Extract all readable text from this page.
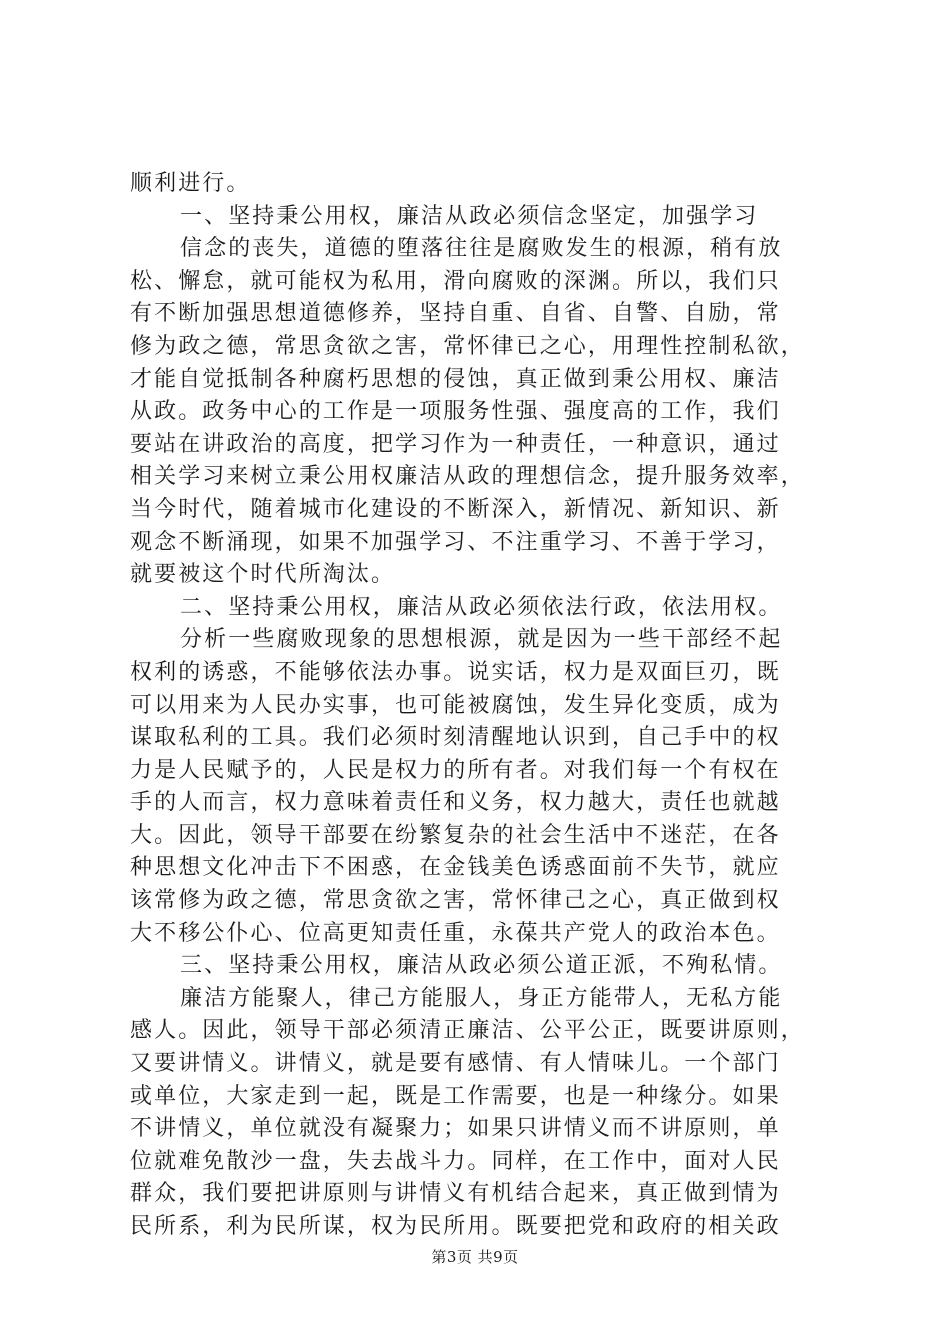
顺利进行。
一、坚持秉公用权，廉洁从政必须信念坚定，加强学习
信念的丧失，道德的堕落往往是腐败发生的根源，稍有放
松、懈怠，就可能权为私用，滑向腐败的深渊。所以，我们只
有不断加强思想道德修养，坚持自重、自省、自警、自励，常
修为政之德，常思贪欲之害，常怀律已之心，用理性控制私欲，
才能自觉抵制各种腐朽思想的侵蚀，真正做到秉公用权、廉洁
从政。政务中心的工作是一项服务性强、强度高的工作，我们
要站在讲政治的高度，把学习作为一种责任，一种意识，通过
相关学习来树立秉公用权廉洁从政的理想信念，提升服务效率，
当今时代，随着城市化建设的不断深入，新情况、新知识、新
观念不断涌现，如果不加强学习、不注重学习、不善于学习，
就要被这个时代所淘汰。
二、坚持秉公用权，廉洁从政必须依法行政，依法用权。
分析一些腐败现象的思想根源，就是因为一些干部经不起
权利的诱惑，不能够依法办事。说实话，权力是双面巨刃，既
可以用来为人民办实事，也可能被腐蚀，发生异化变质，成为
谋取私利的工具。我们必须时刻清醒地认识到，自己手中的权
力是人民赋予的，人民是权力的所有者。对我们每一个有权在
手的人而言，权力意味着责任和义务，权力越大，责任也就越
大。因此，领导干部要在纷繁复杂的社会生活中不迷茫，在各
种思想文化冲击下不困惑，在金钱美色诱惑面前不失节，就应
该常修为政之德，常思贪欲之害，常怀律己之心，真正做到权
大不移公仆心、位高更知责任重，永葆共产党人的政治本色。
三、坚持秉公用权，廉洁从政必须公道正派，不殉私情。
廉洁方能聚人，律己方能服人，身正方能带人，无私方能
感人。因此，领导干部必须清正廉洁、公平公正，既要讲原则，
又要讲情义。讲情义，就是要有感情、有人情味儿。一个部门
或单位，大家走到一起，既是工作需要，也是一种缘分。如果
不讲情义，单位就没有凝聚力；如果只讲情义而不讲原则，单
位就难免散沙一盘，失去战斗力。同样，在工作中，面对人民
群众，我们要把讲原则与讲情义有机结合起来，真正做到情为
民所系，利为民所谋，权为民所用。既要把党和政府的相关政
第3页 共9页
